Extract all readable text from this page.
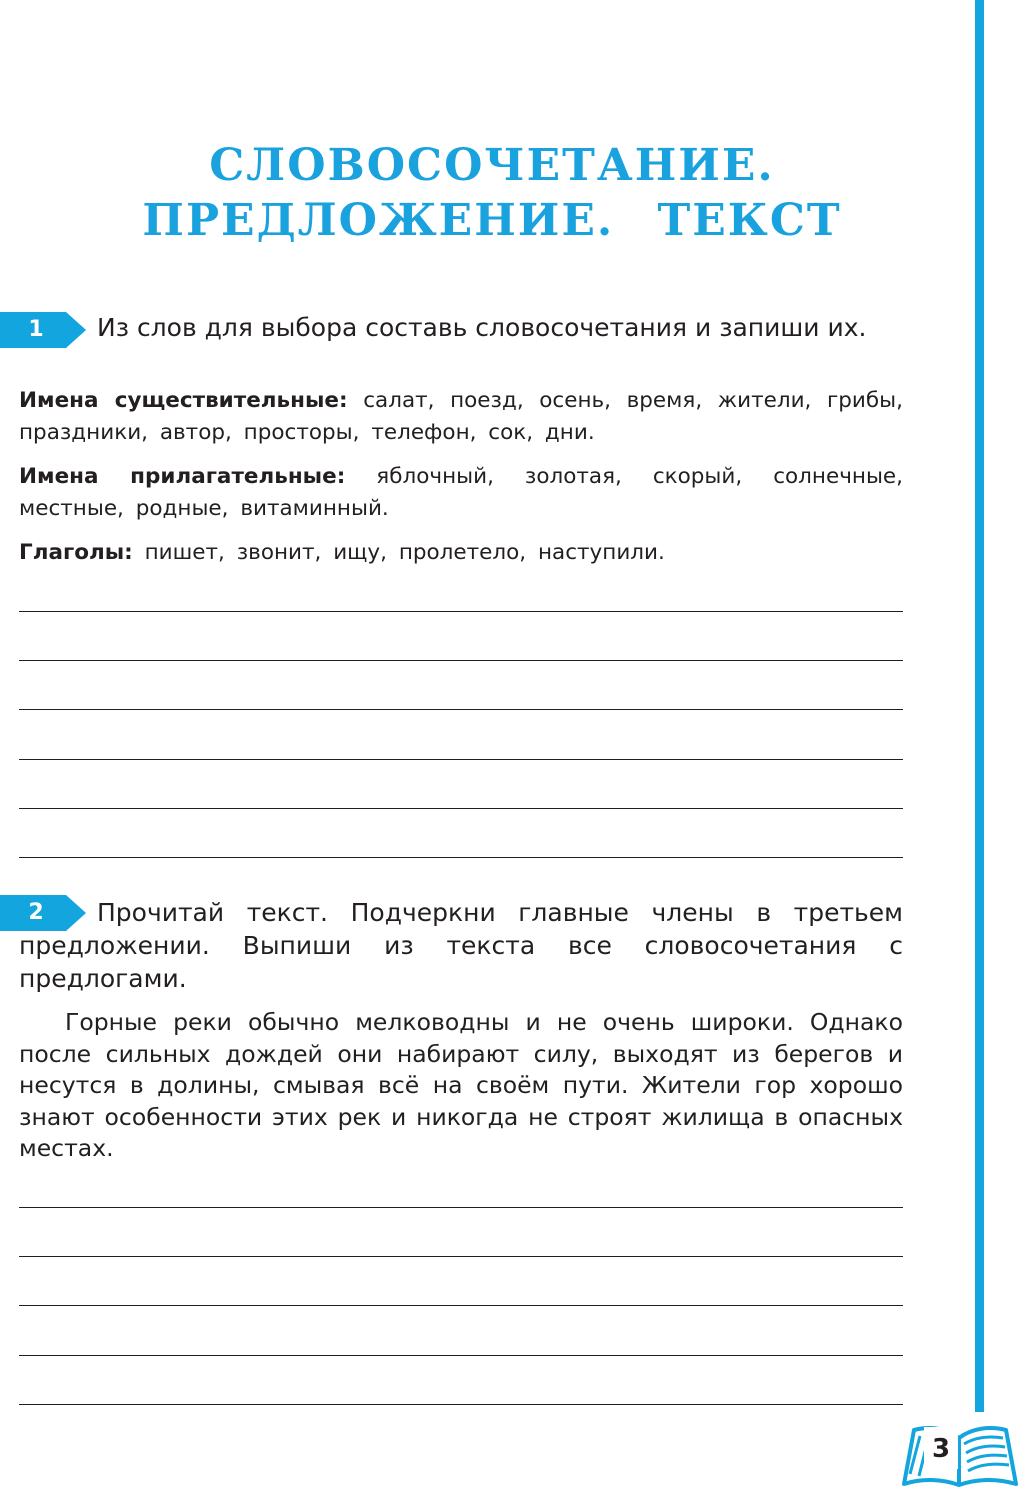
СЛОВОСОЧЕТАНИЕ.
ПРЕДЛОЖЕНИЕ. ТЕКСТ
1	Из слов для выбора составь словосочетания и запиши их.
Имена существительные: салат, поезд, осень, время, жители, грибы, праздники, автор, просторы, телефон, сок, дни.
Имена прилагательные: яблочный, золотая, скорый, солнечные, местные, родные, витаминный.
Глаголы: пишет, звонит, ищу, пролетело, наступили.
2	Прочитай текст. Подчеркни главные члены в третьем предложении. Выпиши из текста все словосочетания с предлогами.
Горные реки обычно мелководны и не очень широки. Однако после сильных дождей они набирают силу, выходят из берегов и несутся в долины, смывая всё на своём пути. Жители гор хорошо знают особенности этих рек и никогда не строят жилища в опасных местах.
3
